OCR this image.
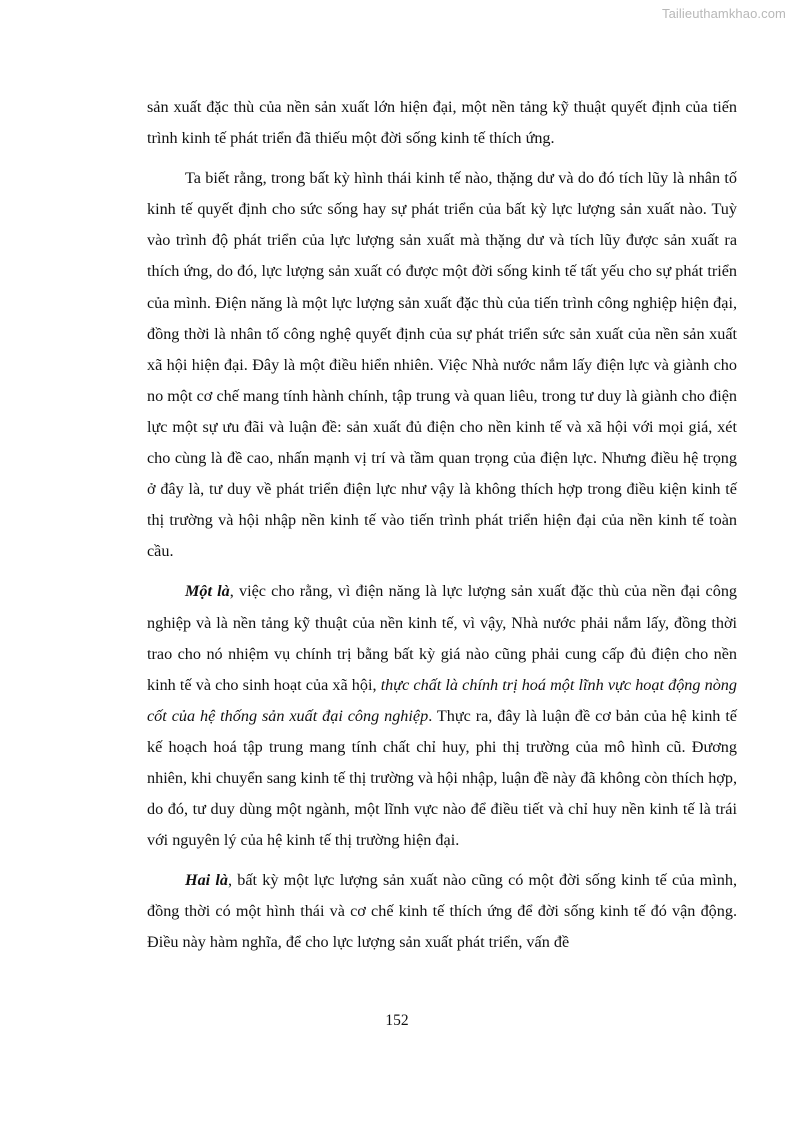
Tailieuthamkhao.com

sản xuất đặc thù của nền sản xuất lớn hiện đại, một nền tảng kỹ thuật quyết định của tiến trình kinh tế phát triển đã thiếu một đời sống kinh tế thích ứng.

Ta biết rằng, trong bất kỳ hình thái kinh tế nào, thặng dư và do đó tích lũy là nhân tố kinh tế quyết định cho sức sống hay sự phát triển của bất kỳ lực lượng sản xuất nào. Tuỳ vào trình độ phát triển của lực lượng sản xuất mà thặng dư và tích lũy được sản xuất ra thích ứng, do đó, lực lượng sản xuất có được một đời sống kinh tế tất yếu cho sự phát triển của mình. Điện năng là một lực lượng sản xuất đặc thù của tiến trình công nghiệp hiện đại, đồng thời là nhân tố công nghệ quyết định của sự phát triển sức sản xuất của nền sản xuất xã hội hiện đại. Đây là một điều hiển nhiên. Việc Nhà nước nắm lấy điện lực và giành cho no một cơ chế mang tính hành chính, tập trung và quan liêu, trong tư duy là giành cho điện lực một sự ưu đãi và luận đề: sản xuất đủ điện cho nền kinh tế và xã hội với mọi giá, xét cho cùng là đề cao, nhấn mạnh vị trí và tầm quan trọng của điện lực. Nhưng điều hệ trọng ở đây là, tư duy về phát triển điện lực như vậy là không thích hợp trong điều kiện kinh tế thị trường và hội nhập nền kinh tế vào tiến trình phát triển hiện đại của nền kinh tế toàn cầu.

Một là, việc cho rằng, vì điện năng là lực lượng sản xuất đặc thù của nền đại công nghiệp và là nền tảng kỹ thuật của nền kinh tế, vì vậy, Nhà nước phải nắm lấy, đồng thời trao cho nó nhiệm vụ chính trị bằng bất kỳ giá nào cũng phải cung cấp đủ điện cho nền kinh tế và cho sinh hoạt của xã hội, thực chất là chính trị hoá một lĩnh vực hoạt động nòng cốt của hệ thống sản xuất đại công nghiệp. Thực ra, đây là luận đề cơ bản của hệ kinh tế kế hoạch hoá tập trung mang tính chất chỉ huy, phi thị trường của mô hình cũ. Đương nhiên, khi chuyển sang kinh tế thị trường và hội nhập, luận đề này đã không còn thích hợp, do đó, tư duy dùng một ngành, một lĩnh vực nào để điều tiết và chỉ huy nền kinh tế là trái với nguyên lý của hệ kinh tế thị trường hiện đại.

Hai là, bất kỳ một lực lượng sản xuất nào cũng có một đời sống kinh tế của mình, đồng thời có một hình thái và cơ chế kinh tế thích ứng để đời sống kinh tế đó vận động. Điều này hàm nghĩa, để cho lực lượng sản xuất phát triển, vấn đề

152
